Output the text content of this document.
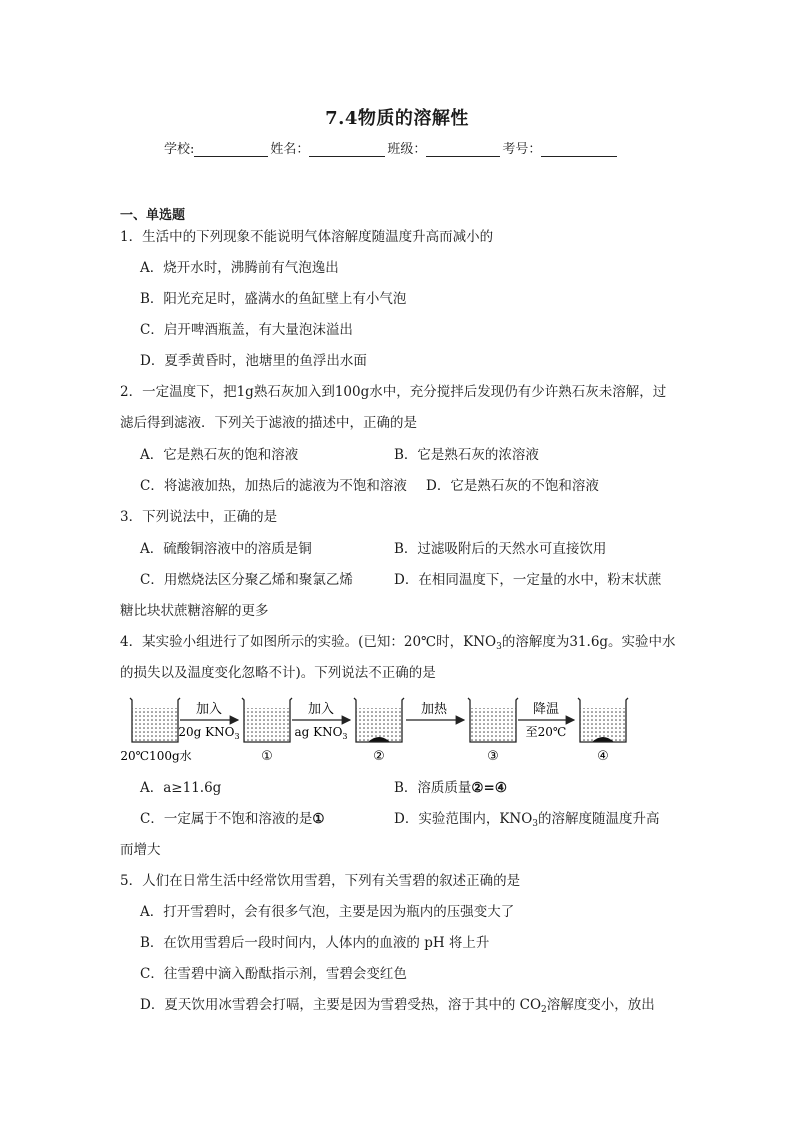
7.4物质的溶解性
学校:	姓名：	班级：	考号：
一、单选题
1．生活中的下列现象不能说明气体溶解度随温度升高而减小的
A．烧开水时，沸腾前有气泡逸出
B．阳光充足时，盛满水的鱼缸壁上有小气泡
C．启开啤酒瓶盖，有大量泡沫溢出
D．夏季黄昏时，池塘里的鱼浮出水面
2．一定温度下，把1g熟石灰加入到100g水中，充分搅拌后发现仍有少许熟石灰未溶解，过
滤后得到滤液．下列关于滤液的描述中，正确的是
A．它是熟石灰的饱和溶液	B．它是熟石灰的浓溶液
C．将滤液加热，加热后的滤液为不饱和溶液 D．它是熟石灰的不饱和溶液
3．下列说法中，正确的是
A．硫酸铜溶液中的溶质是铜	B．过滤吸附后的天然水可直接饮用
C．用燃烧法区分聚乙烯和聚氯乙烯	D．在相同温度下，一定量的水中，粉末状蔗
糖比块状蔗糖溶解的更多
4．某实验小组进行了如图所示的实验。(已知：20℃时，$KNO_3$的溶解度为31.6g。实验中水
的损失以及温度变化忽略不计)。下列说法不正确的是
加入
20g $KNO_3$
加入
ag $KNO_3$
加热	降温
至20℃
20℃100g水	①	②	③	④
A．a≥11.6g	B．溶质质量②=④
C．一定属于不饱和溶液的是①	D．实验范围内，$KNO_3$的溶解度随温度升高
而增大
5．人们在日常生活中经常饮用雪碧，下列有关雪碧的叙述正确的是
A．打开雪碧时，会有很多气泡，主要是因为瓶内的压强变大了
B．在饮用雪碧后一段时间内，人体内的血液的 pH 将上升
C．往雪碧中滴入酚酞指示剂，雪碧会变红色
D．夏天饮用冰雪碧会打嗝，主要是因为雪碧受热，溶于其中的 $CO_2$溶解度变小，放出
